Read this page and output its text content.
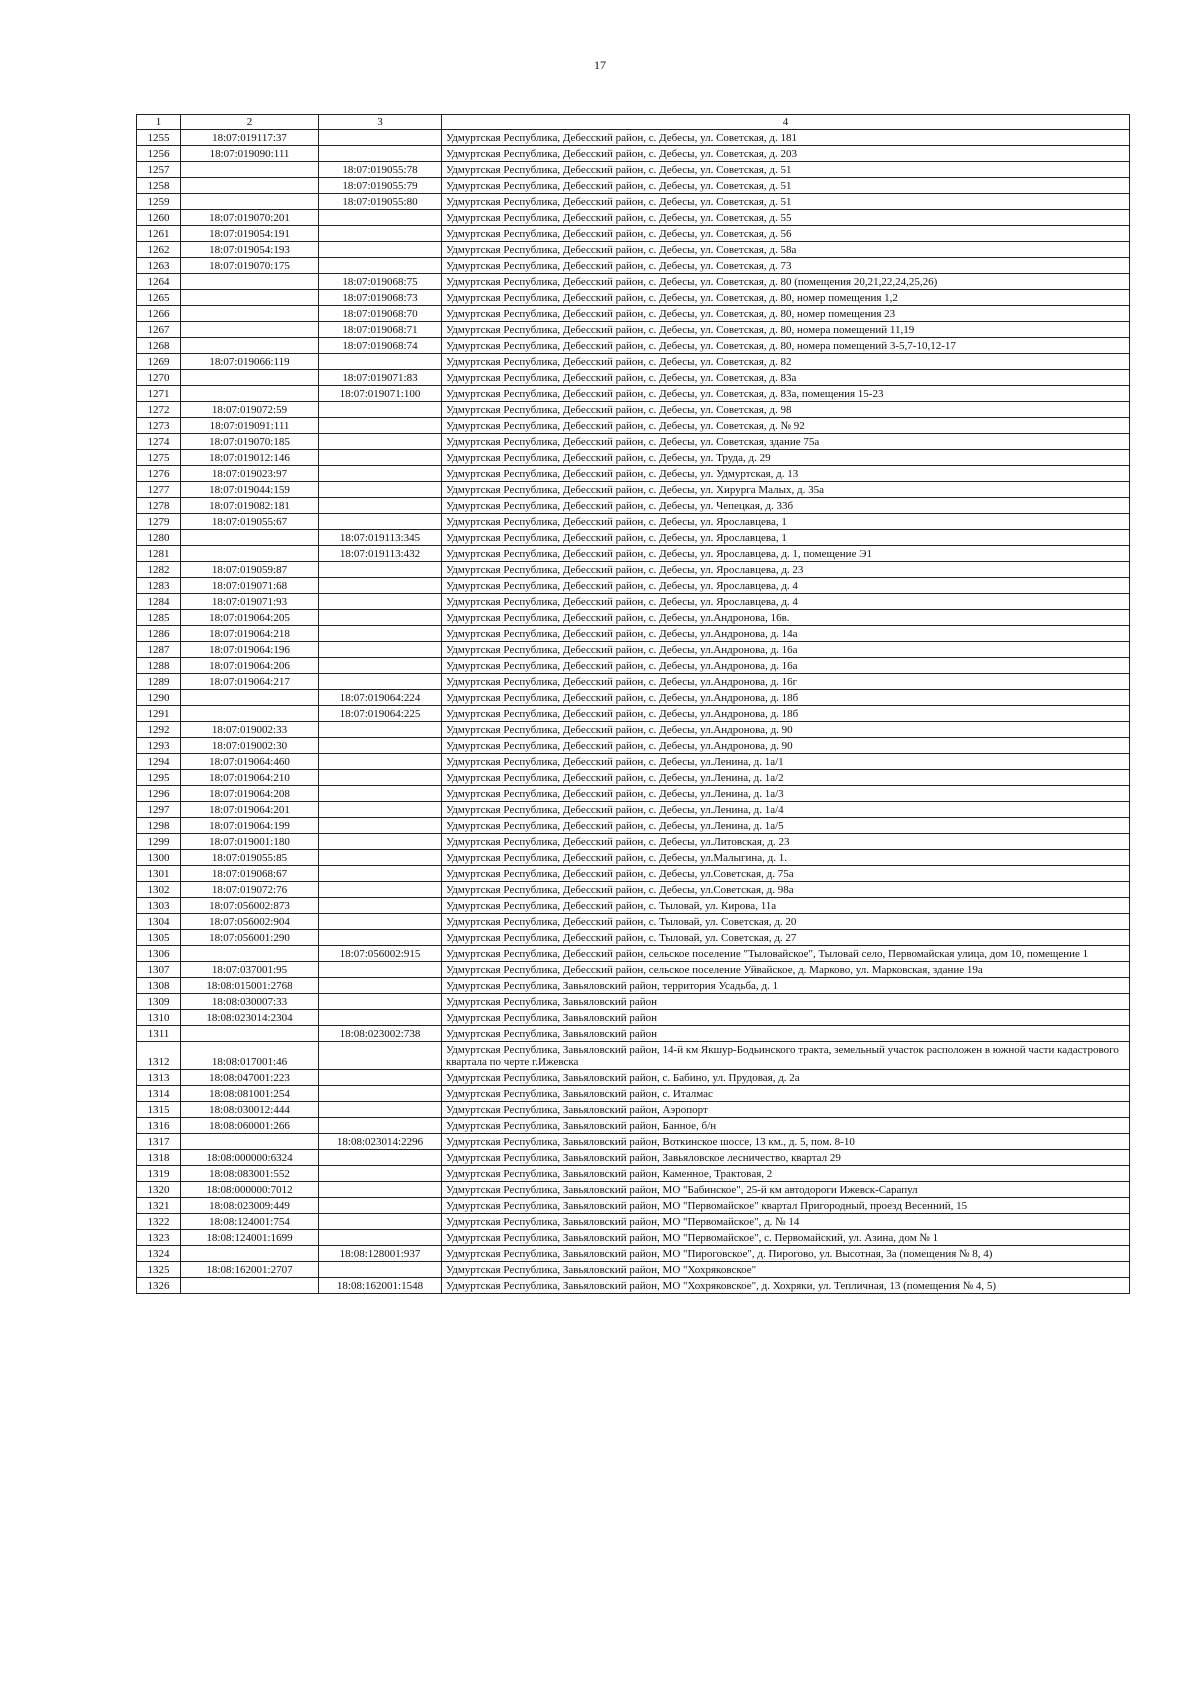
17
1	2	3	4
1255	18:07:019117:37		Удмуртская Республика, Дебесский район, с. Дебесы, ул. Советская, д. 181
1256	18:07:019090:111		Удмуртская Республика, Дебесский район, с. Дебесы, ул. Советская, д. 203
1257		18:07:019055:78	Удмуртская Республика, Дебесский район, с. Дебесы, ул. Советская, д. 51
1258		18:07:019055:79	Удмуртская Республика, Дебесский район, с. Дебесы, ул. Советская, д. 51
1259		18:07:019055:80	Удмуртская Республика, Дебесский район, с. Дебесы, ул. Советская, д. 51
1260	18:07:019070:201		Удмуртская Республика, Дебесский район, с. Дебесы, ул. Советская, д. 55
1261	18:07:019054:191		Удмуртская Республика, Дебесский район, с. Дебесы, ул. Советская, д. 56
1262	18:07:019054:193		Удмуртская Республика, Дебесский район, с. Дебесы, ул. Советская, д. 58а
1263	18:07:019070:175		Удмуртская Республика, Дебесский район, с. Дебесы, ул. Советская, д. 73
1264		18:07:019068:75	Удмуртская Республика, Дебесский район, с. Дебесы, ул. Советская, д. 80 (помещения 20,21,22,24,25,26)
1265		18:07:019068:73	Удмуртская Республика, Дебесский район, с. Дебесы, ул. Советская, д. 80, номер помещения 1,2
1266		18:07:019068:70	Удмуртская Республика, Дебесский район, с. Дебесы, ул. Советская, д. 80, номер помещения 23
1267		18:07:019068:71	Удмуртская Республика, Дебесский район, с. Дебесы, ул. Советская, д. 80, номера помещений 11,19
1268		18:07:019068:74	Удмуртская Республика, Дебесский район, с. Дебесы, ул. Советская, д. 80, номера помещений 3-5,7-10,12-17
1269	18:07:019066:119		Удмуртская Республика, Дебесский район, с. Дебесы, ул. Советская, д. 82
1270		18:07:019071:83	Удмуртская Республика, Дебесский район, с. Дебесы, ул. Советская, д. 83а
1271		18:07:019071:100	Удмуртская Республика, Дебесский район, с. Дебесы, ул. Советская, д. 83а, помещения 15-23
1272	18:07:019072:59		Удмуртская Республика, Дебесский район, с. Дебесы, ул. Советская, д. 98
1273	18:07:019091:111		Удмуртская Республика, Дебесский район, с. Дебесы, ул. Советская, д. № 92
1274	18:07:019070:185		Удмуртская Республика, Дебесский район, с. Дебесы, ул. Советская, здание 75а
1275	18:07:019012:146		Удмуртская Республика, Дебесский район, с. Дебесы, ул. Труда, д. 29
1276	18:07:019023:97		Удмуртская Республика, Дебесский район, с. Дебесы, ул. Удмуртская, д. 13
1277	18:07:019044:159		Удмуртская Республика, Дебесский район, с. Дебесы, ул. Хирурга Малых, д. 35а
1278	18:07:019082:181		Удмуртская Республика, Дебесский район, с. Дебесы, ул. Чепецкая, д. 33б
1279	18:07:019055:67		Удмуртская Республика, Дебесский район, с. Дебесы, ул. Ярославцева, 1
1280		18:07:019113:345	Удмуртская Республика, Дебесский район, с. Дебесы, ул. Ярославцева, 1
1281		18:07:019113:432	Удмуртская Республика, Дебесский район, с. Дебесы, ул. Ярославцева, д. 1, помещение Э1
1282	18:07:019059:87		Удмуртская Республика, Дебесский район, с. Дебесы, ул. Ярославцева, д. 23
1283	18:07:019071:68		Удмуртская Республика, Дебесский район, с. Дебесы, ул. Ярославцева, д. 4
1284	18:07:019071:93		Удмуртская Республика, Дебесский район, с. Дебесы, ул. Ярославцева, д. 4
1285	18:07:019064:205		Удмуртская Республика, Дебесский район, с. Дебесы, ул.Андронова, 16в.
1286	18:07:019064:218		Удмуртская Республика, Дебесский район, с. Дебесы, ул.Андронова, д. 14а
1287	18:07:019064:196		Удмуртская Республика, Дебесский район, с. Дебесы, ул.Андронова, д. 16а
1288	18:07:019064:206		Удмуртская Республика, Дебесский район, с. Дебесы, ул.Андронова, д. 16а
1289	18:07:019064:217		Удмуртская Республика, Дебесский район, с. Дебесы, ул.Андронова, д. 16г
1290		18:07:019064:224	Удмуртская Республика, Дебесский район, с. Дебесы, ул.Андронова, д. 18б
1291		18:07:019064:225	Удмуртская Республика, Дебесский район, с. Дебесы, ул.Андронова, д. 18б
1292	18:07:019002:33		Удмуртская Республика, Дебесский район, с. Дебесы, ул.Андронова, д. 90
1293	18:07:019002:30		Удмуртская Республика, Дебесский район, с. Дебесы, ул.Андронова, д. 90
1294	18:07:019064:460		Удмуртская Республика, Дебесский район, с. Дебесы, ул.Ленина, д. 1а/1
1295	18:07:019064:210		Удмуртская Республика, Дебесский район, с. Дебесы, ул.Ленина, д. 1а/2
1296	18:07:019064:208		Удмуртская Республика, Дебесский район, с. Дебесы, ул.Ленина, д. 1а/3
1297	18:07:019064:201		Удмуртская Республика, Дебесский район, с. Дебесы, ул.Ленина, д. 1а/4
1298	18:07:019064:199		Удмуртская Республика, Дебесский район, с. Дебесы, ул.Ленина, д. 1а/5
1299	18:07:019001:180		Удмуртская Республика, Дебесский район, с. Дебесы, ул.Литовская, д. 23
1300	18:07:019055:85		Удмуртская Республика, Дебесский район, с. Дебесы, ул.Малыгина, д. 1.
1301	18:07:019068:67		Удмуртская Республика, Дебесский район, с. Дебесы, ул.Советская, д. 75а
1302	18:07:019072:76		Удмуртская Республика, Дебесский район, с. Дебесы, ул.Советская, д. 98а
1303	18:07:056002:873		Удмуртская Республика, Дебесский район, с. Тыловай, ул. Кирова, 11а
1304	18:07:056002:904		Удмуртская Республика, Дебесский район, с. Тыловай, ул. Советская, д. 20
1305	18:07:056001:290		Удмуртская Республика, Дебесский район, с. Тыловай, ул. Советская, д. 27
1306		18:07:056002:915	Удмуртская Республика, Дебесский район, сельское поселение "Тыловайское", Тыловай село, Первомайская улица, дом 10, помещение 1
1307	18:07:037001:95		Удмуртская Республика, Дебесский район, сельское поселение Уйвайское, д. Марково, ул. Марковская, здание 19а
1308	18:08:015001:2768		Удмуртская Республика, Завьяловский район, территория Усадьба, д. 1
1309	18:08:030007:33		Удмуртская Республика, Завьяловский район
1310	18:08:023014:2304		Удмуртская Республика, Завьяловский район
1311		18:08:023002:738	Удмуртская Республика, Завьяловский район
1312	18:08:017001:46		Удмуртская Республика, Завьяловский район, 14-й км Якшур-Бодьинского тракта, земельный участок расположен в южной части кадастрового квартала по черте г.Ижевска
1313	18:08:047001:223		Удмуртская Республика, Завьяловский район, с. Бабино, ул. Прудовая, д. 2а
1314	18:08:081001:254		Удмуртская Республика, Завьяловский район, с. Италмас
1315	18:08:030012:444		Удмуртская Республика, Завьяловский район, Аэропорт
1316	18:08:060001:266		Удмуртская Республика, Завьяловский район, Банное, б/н
1317		18:08:023014:2296	Удмуртская Республика, Завьяловский район, Воткинское шоссе, 13 км., д. 5, пом. 8-10
1318	18:08:000000:6324		Удмуртская Республика, Завьяловский район, Завьяловское лесничество, квартал 29
1319	18:08:083001:552		Удмуртская Республика, Завьяловский район, Каменное, Трактовая, 2
1320	18:08:000000:7012		Удмуртская Республика, Завьяловский район, МО "Бабинское", 25-й км автодороги Ижевск-Сарапул
1321	18:08:023009:449		Удмуртская Республика, Завьяловский район, МО "Первомайское" квартал Пригородный, проезд Весенний, 15
1322	18:08:124001:754		Удмуртская Республика, Завьяловский район, МО "Первомайское", д. № 14
1323	18:08:124001:1699		Удмуртская Республика, Завьяловский район, МО "Первомайское", с. Первомайский, ул. Азина, дом № 1
1324		18:08:128001:937	Удмуртская Республика, Завьяловский район, МО "Пироговское", д. Пирогово, ул. Высотная, 3а (помещения № 8, 4)
1325	18:08:162001:2707		Удмуртская Республика, Завьяловский район, МО "Хохряковское"
1326		18:08:162001:1548	Удмуртская Республика, Завьяловский район, МО "Хохряковское", д. Хохряки, ул. Тепличная, 13 (помещения № 4, 5)
